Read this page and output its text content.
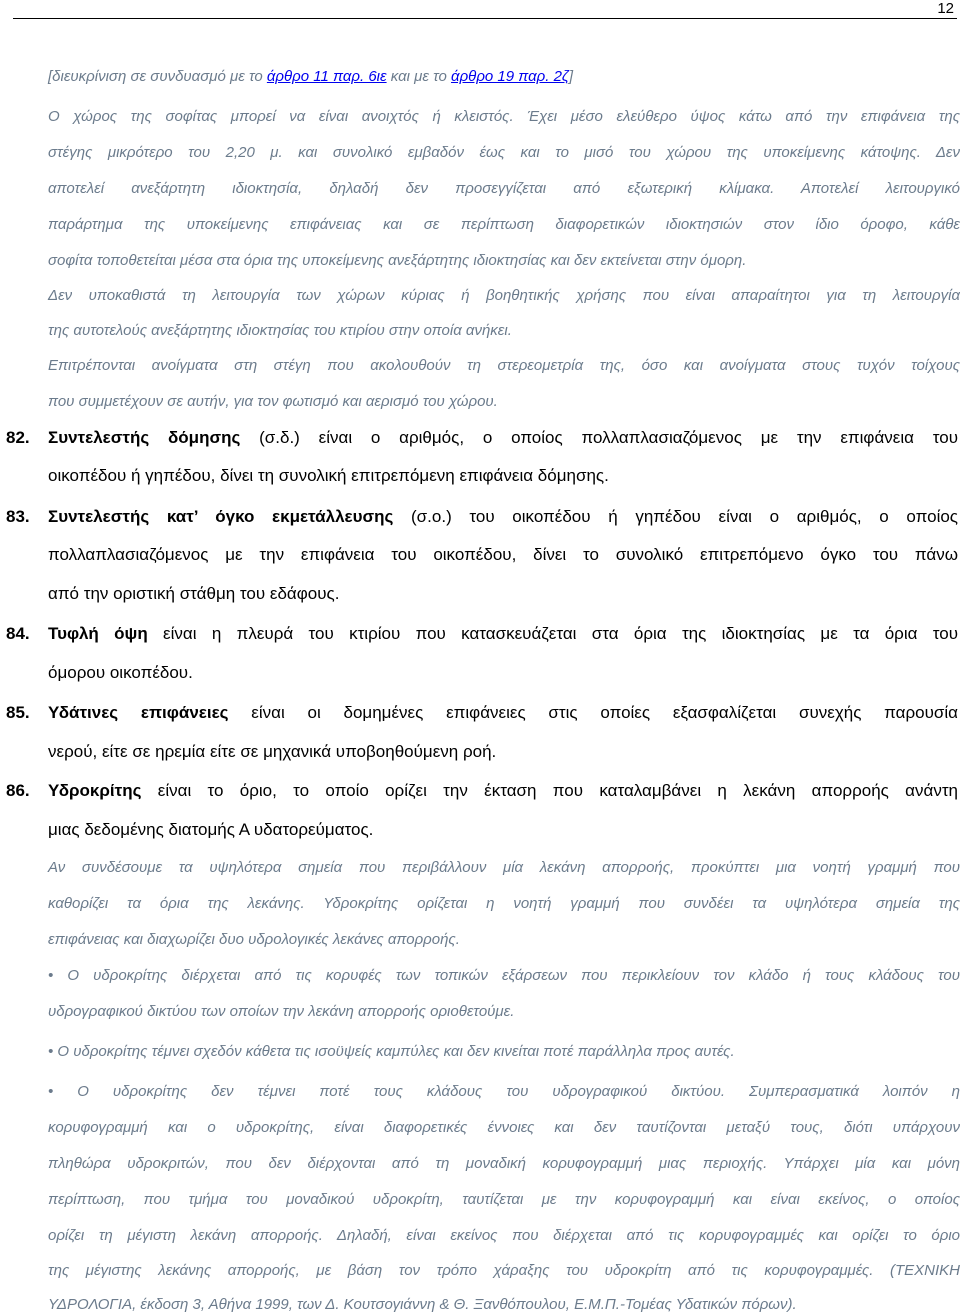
12
[διευκρίνιση σε συνδυασμό με το άρθρο 11 παρ. 6ιε και με το άρθρο 19 παρ. 2ζ]
Ο χώρος της σοφίτας μπορεί να είναι ανοιχτός ή κλειστός. Έχει μέσο ελεύθερο ύψος κάτω από την επιφάνεια της
στέγης μικρότερο του 2,20 μ. και συνολικό εμβαδόν έως και το μισό του χώρου της υποκείμενης κάτοψης. Δεν
αποτελεί ανεξάρτητη ιδιοκτησία, δηλαδή δεν προσεγγίζεται από εξωτερική κλίμακα. Αποτελεί λειτουργικό
παράρτημα της υποκείμενης επιφάνειας και σε περίπτωση διαφορετικών ιδιοκτησιών στον ίδιο όροφο, κάθε
σοφίτα τοποθετείται μέσα στα όρια της υποκείμενης ανεξάρτητης ιδιοκτησίας και δεν εκτείνεται στην όμορη.
Δεν υποκαθιστά τη λειτουργία των χώρων κύριας ή βοηθητικής χρήσης που είναι απαραίτητοι για τη λειτουργία
της αυτοτελούς ανεξάρτητης ιδιοκτησίας του κτιρίου στην οποία ανήκει.
Επιτρέπονται ανοίγματα στη στέγη που ακολουθούν τη στερεομετρία της, όσο και ανοίγματα στους τυχόν τοίχους
που συμμετέχουν σε αυτήν, για τον φωτισμό και αερισμό του χώρου.
82. Συντελεστής δόμησης (σ.δ.) είναι ο αριθμός, ο οποίος πολλαπλασιαζόμενος με την επιφάνεια του
οικοπέδου ή γηπέδου, δίνει τη συνολική επιτρεπόμενη επιφάνεια δόμησης.
83. Συντελεστής κατ’ όγκο εκμετάλλευσης (σ.ο.) του οικοπέδου ή γηπέδου είναι ο αριθμός, ο οποίος
πολλαπλασιαζόμενος με την επιφάνεια του οικοπέδου, δίνει το συνολικό επιτρεπόμενο όγκο του πάνω
από την οριστική στάθμη του εδάφους.
84. Τυφλή όψη είναι η πλευρά του κτιρίου που κατασκευάζεται στα όρια της ιδιοκτησίας με τα όρια του
όμορου οικοπέδου.
85. Υδάτινες επιφάνειες είναι οι δομημένες επιφάνειες στις οποίες εξασφαλίζεται συνεχής παρουσία
νερού, είτε σε ηρεμία είτε σε μηχανικά υποβοηθούμενη ροή.
86. Υδροκρίτης είναι το όριο, το οποίο ορίζει την έκταση που καταλαμβάνει η λεκάνη απορροής ανάντη
μιας δεδομένης διατομής Α υδατορεύματος.
Αν συνδέσουμε τα υψηλότερα σημεία που περιβάλλουν μία λεκάνη απορροής, προκύπτει μια νοητή γραμμή που
καθορίζει τα όρια της λεκάνης. Υδροκρίτης ορίζεται η νοητή γραμμή που συνδέει τα υψηλότερα σημεία της
επιφάνειας και διαχωρίζει δυο υδρολογικές λεκάνες απορροής.
• Ο υδροκρίτης διέρχεται από τις κορυφές των τοπικών εξάρσεων που περικλείουν τον κλάδο ή τους κλάδους του
υδρογραφικού δικτύου των οποίων την λεκάνη απορροής οριοθετούμε.
• Ο υδροκρίτης τέμνει σχεδόν κάθετα τις ισοϋψείς καμπύλες και δεν κινείται ποτέ παράλληλα προς αυτές.
• Ο υδροκρίτης δεν τέμνει ποτέ τους κλάδους του υδρογραφικού δικτύου. Συμπερασματικά λοιπόν η
κορυφογραμμή και ο υδροκρίτης, είναι διαφορετικές έννοιες και δεν ταυτίζονται μεταξύ τους, διότι υπάρχουν
πληθώρα υδροκριτών, που δεν διέρχονται από τη μοναδική κορυφογραμμή μιας περιοχής. Υπάρχει μία και μόνη
περίπτωση, που τμήμα του μοναδικού υδροκρίτη, ταυτίζεται με την κορυφογραμμή και είναι εκείνος, ο οποίος
ορίζει τη μέγιστη λεκάνη απορροής. Δηλαδή, είναι εκείνος που διέρχεται από τις κορυφογραμμές και ορίζει το όριο
της μέγιστης λεκάνης απορροής, με βάση τον τρόπο χάραξης του υδροκρίτη από τις κορυφογραμμές. (ΤΕΧΝΙΚΗ
ΥΔΡΟΛΟΓΙΑ, έκδοση 3, Αθήνα 1999, των Δ. Κουτσογιάννη & Θ. Ξανθόπουλου, Ε.Μ.Π.-Τομέας Υδατικών πόρων).
